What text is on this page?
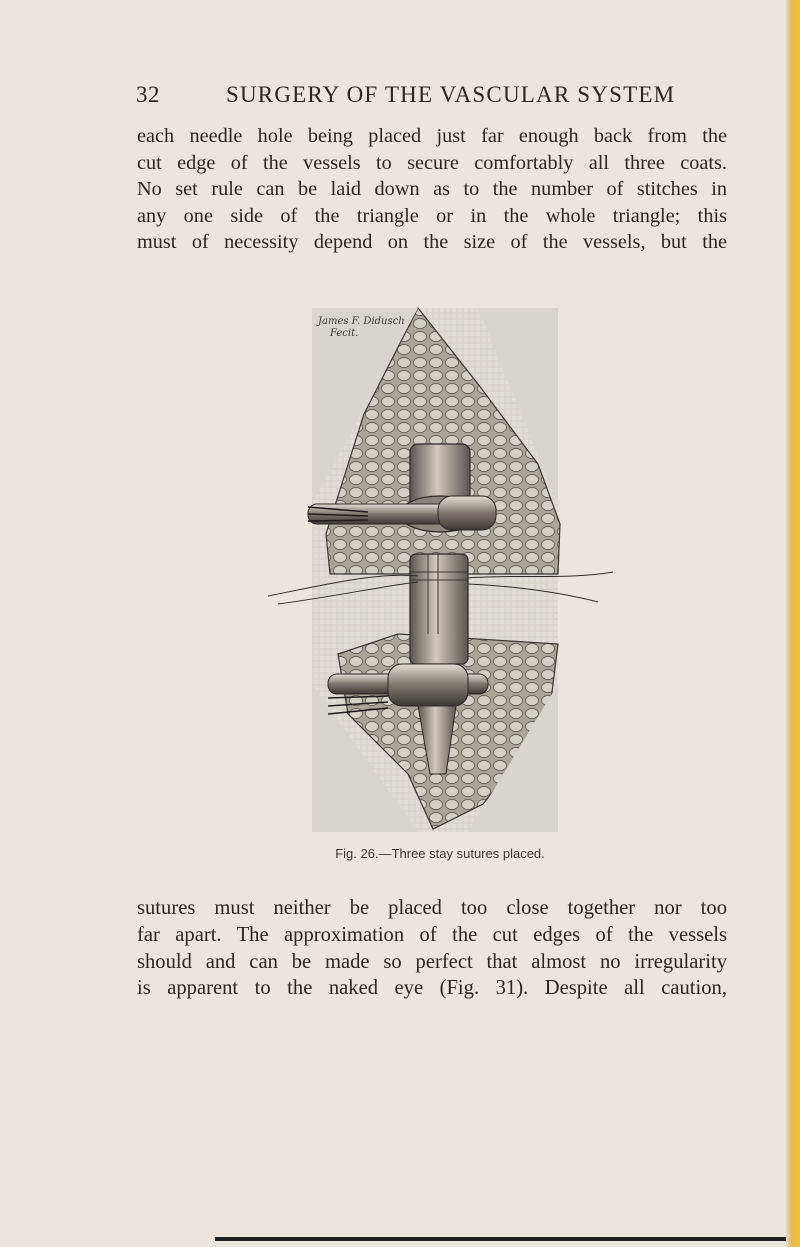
32	SURGERY OF THE VASCULAR SYSTEM
each needle hole being placed just far enough back from the
cut edge of the vessels to secure comfortably all three coats.
No set rule can be laid down as to the number of stitches in
any one side of the triangle or in the whole triangle; this
must of necessity depend on the size of the vessels, but the
James F. Didusch
Fecit.
Fig. 26.—Three stay sutures placed.
sutures must neither be placed too close together nor too
far apart. The approximation of the cut edges of the vessels
should and can be made so perfect that almost no irregularity
is apparent to the naked eye (Fig. 31). Despite all caution,
